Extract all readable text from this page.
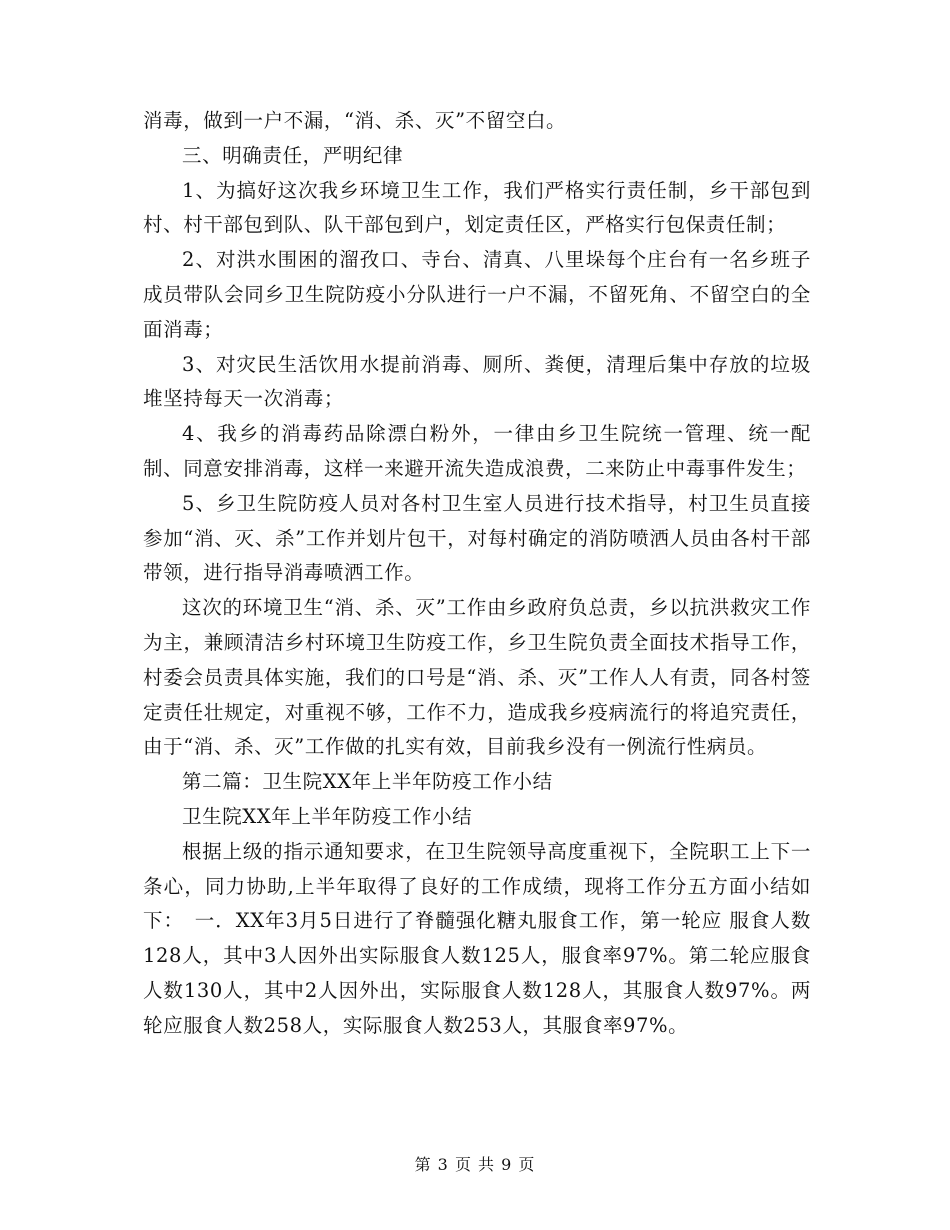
消毒，做到一户不漏，“消、杀、灭”不留空白。

三、明确责任，严明纪律

1、为搞好这次我乡环境卫生工作，我们严格实行责任制，乡干部包到村、村干部包到队、队干部包到户，划定责任区，严格实行包保责任制；

2、对洪水围困的溜孜口、寺台、清真、八里垛每个庄台有一名乡班子成员带队会同乡卫生院防疫小分队进行一户不漏，不留死角、不留空白的全面消毒；

3、对灾民生活饮用水提前消毒、厕所、粪便，清理后集中存放的垃圾堆坚持每天一次消毒；

4、我乡的消毒药品除漂白粉外，一律由乡卫生院统一管理、统一配制、同意安排消毒，这样一来避开流失造成浪费，二来防止中毒事件发生；

5、乡卫生院防疫人员对各村卫生室人员进行技术指导，村卫生员直接参加“消、灭、杀”工作并划片包干，对每村确定的消防喷洒人员由各村干部带领，进行指导消毒喷洒工作。

这次的环境卫生“消、杀、灭”工作由乡政府负总责，乡以抗洪救灾工作为主，兼顾清洁乡村环境卫生防疫工作，乡卫生院负责全面技术指导工作，村委会员责具体实施，我们的口号是“消、杀、灭”工作人人有责，同各村签定责任壮规定，对重视不够，工作不力，造成我乡疫病流行的将追究责任，由于“消、杀、灭”工作做的扎实有效，目前我乡没有一例流行性病员。

第二篇：卫生院XX年上半年防疫工作小结

卫生院XX年上半年防疫工作小结

根据上级的指示通知要求，在卫生院领导高度重视下，全院职工上下一条心，同力协助,上半年取得了良好的工作成绩，现将工作分五方面小结如下：　一．XX年3月5日进行了脊髓强化糖丸服食工作，第一轮应 服食人数128人，其中3人因外出实际服食人数125人，服食率97%。第二轮应服食人数130人，其中2人因外出，实际服食人数128人，其服食人数97%。两轮应服食人数258人，实际服食人数253人，其服食率97%。

第 3 页 共 9 页
